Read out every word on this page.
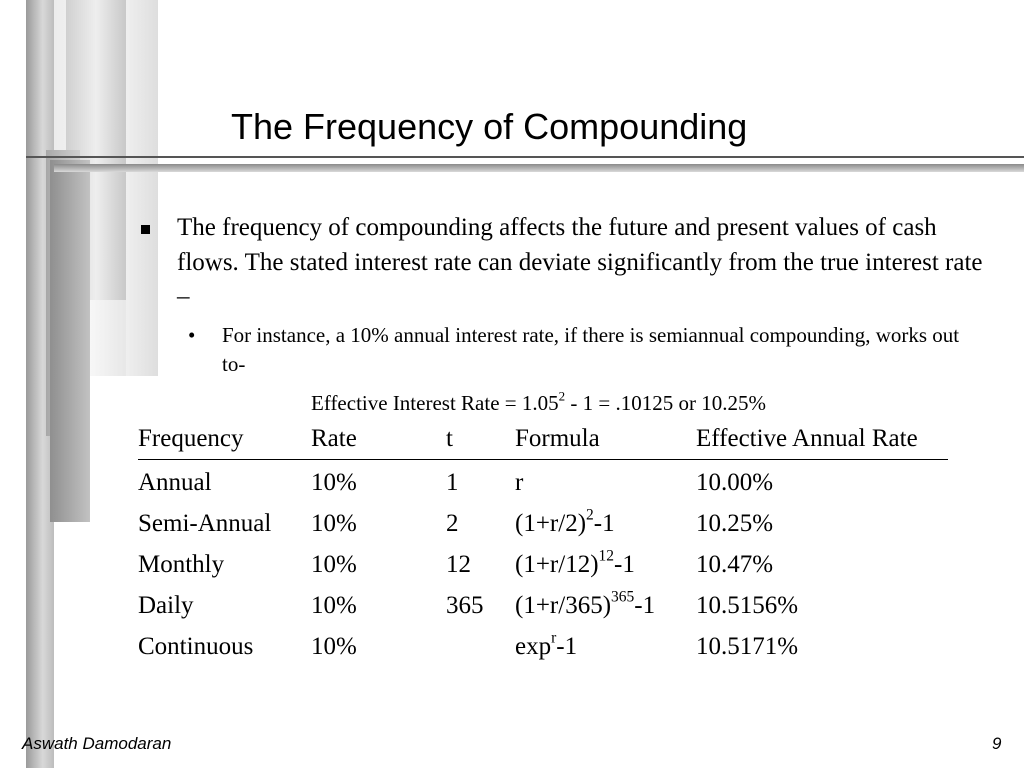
The Frequency of Compounding
The frequency of compounding affects the future and present values of cash flows. The stated interest rate can deviate significantly from the true interest rate –
• For instance, a 10% annual interest rate, if there is semiannual compounding, works out to-
Effective Interest Rate = $1.05^2 - 1 = .10125$ or 10.25%
Frequency	Rate	t	Formula	Effective Annual Rate
Annual	10%	1	r	10.00%
Semi-Annual	10%	2	$(1+r/2)^2-1$	10.25%
Monthly	10%	12	$(1+r/12)^{12}-1$	10.47%
Daily	10%	365	$(1+r/365)^{365}-1$	10.5156%
Continuous	10%		$\exp^r-1$	10.5171%
Aswath Damodaran	9
